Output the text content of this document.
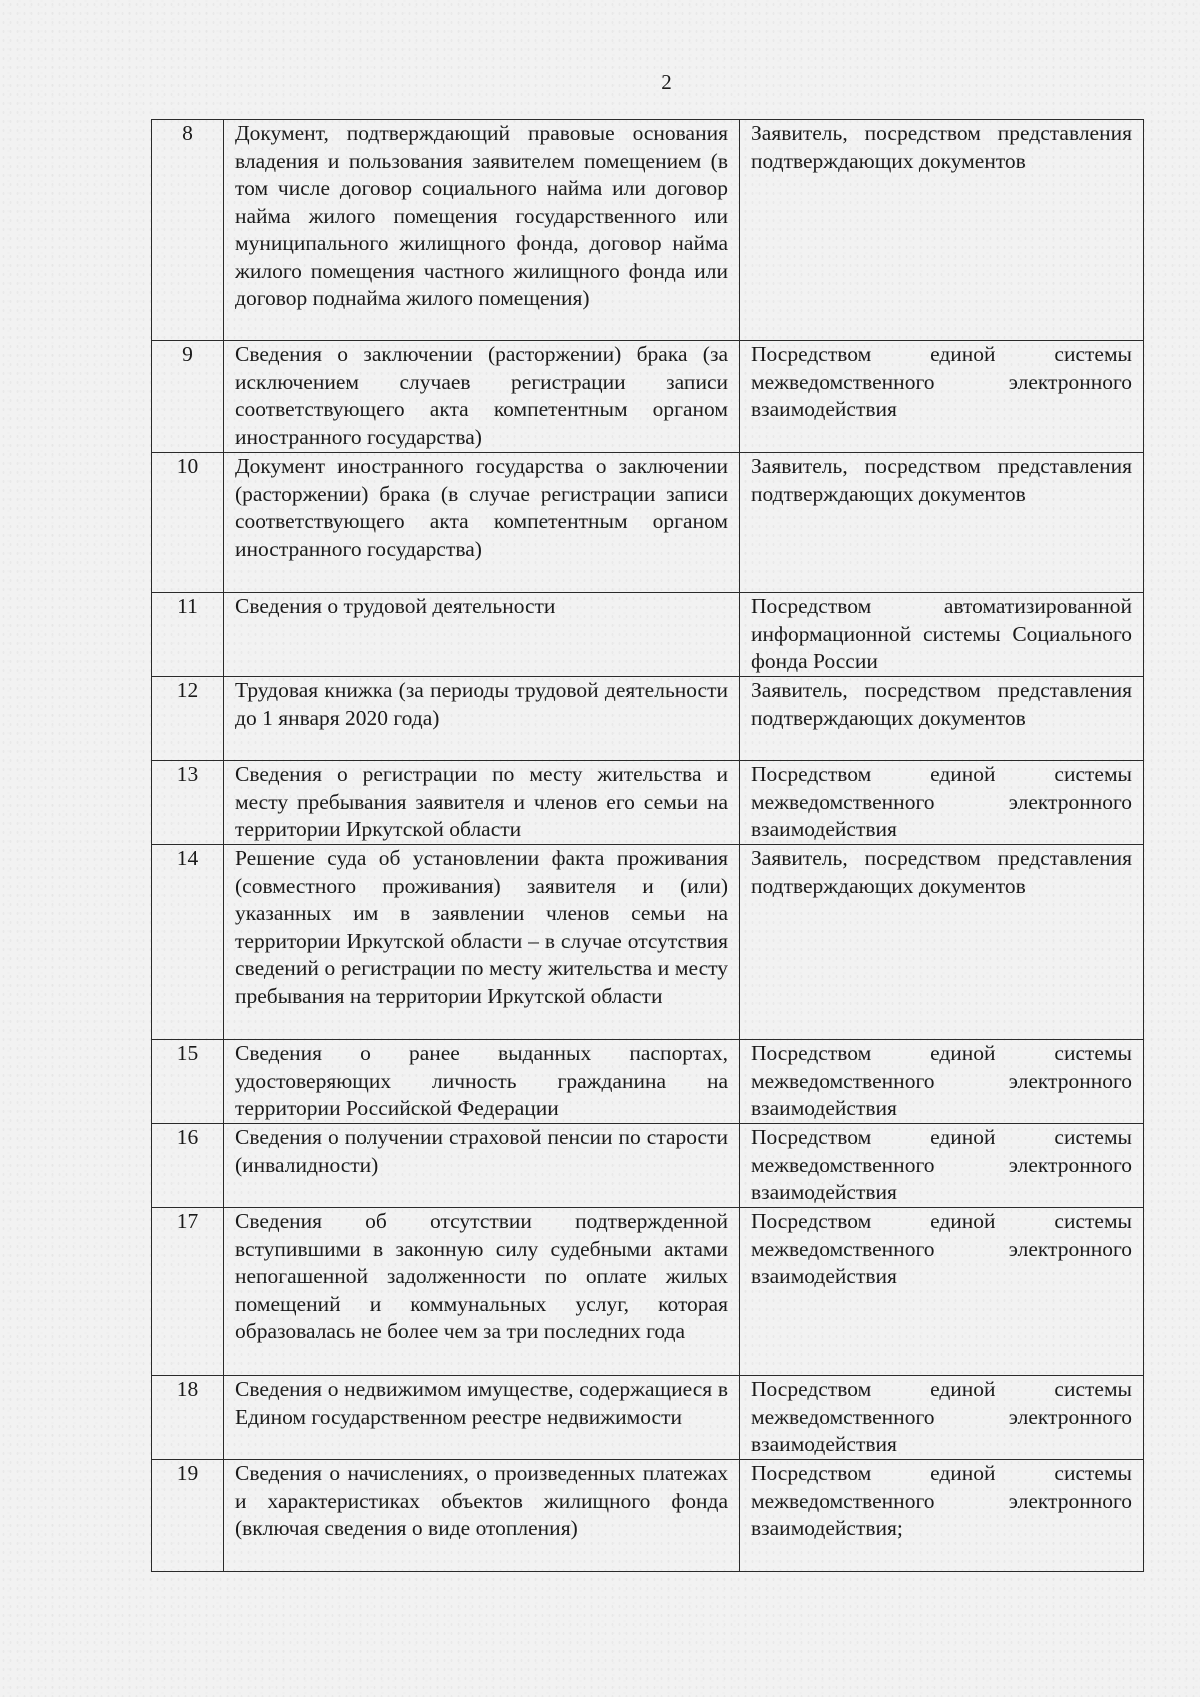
2
8	Документ, подтверждающий правовые основания владения и пользования заявителем помещением (в том числе договор социального найма или договор найма жилого помещения государственного или муниципального жилищного фонда, договор найма жилого помещения частного жилищного фонда или договор поднайма жилого помещения)	Заявитель, посредством представления подтверждающих документов

9	Сведения о заключении (расторжении) брака (за исключением случаев регистрации записи соответствующего акта компетентным органом иностранного государства)	Посредством единой системы межведомственного электронного взаимодействия

10	Документ иностранного государства о заключении (расторжении) брака (в случае регистрации записи соответствующего акта компетентным органом иностранного государства)	Заявитель, посредством представления подтверждающих документов

11	Сведения о трудовой деятельности	Посредством автоматизированной информационной системы Социального фонда России

12	Трудовая книжка (за периоды трудовой деятельности до 1 января 2020 года)	Заявитель, посредством представления подтверждающих документов

13	Сведения о регистрации по месту жительства и месту пребывания заявителя и членов его семьи на территории Иркутской области	Посредством единой системы межведомственного электронного взаимодействия

14	Решение суда об установлении факта проживания (совместного проживания) заявителя и (или) указанных им в заявлении членов семьи на территории Иркутской области – в случае отсутствия сведений о регистрации по месту жительства и месту пребывания на территории Иркутской области	Заявитель, посредством представления подтверждающих документов

15	Сведения о ранее выданных паспортах, удостоверяющих личность гражданина на территории Российской Федерации	Посредством единой системы межведомственного электронного взаимодействия

16	Сведения о получении страховой пенсии по старости (инвалидности)	Посредством единой системы межведомственного электронного взаимодействия

17	Сведения об отсутствии подтвержденной вступившими в законную силу судебными актами непогашенной задолженности по оплате жилых помещений и коммунальных услуг, которая образовалась не более чем за три последних года	Посредством единой системы межведомственного электронного взаимодействия

18	Сведения о недвижимом имуществе, содержащиеся в Едином государственном реестре недвижимости	Посредством единой системы межведомственного электронного взаимодействия

19	Сведения о начислениях, о произведенных платежах и характеристиках объектов жилищного фонда (включая сведения о виде отопления)	Посредством единой системы межведомственного электронного взаимодействия;
